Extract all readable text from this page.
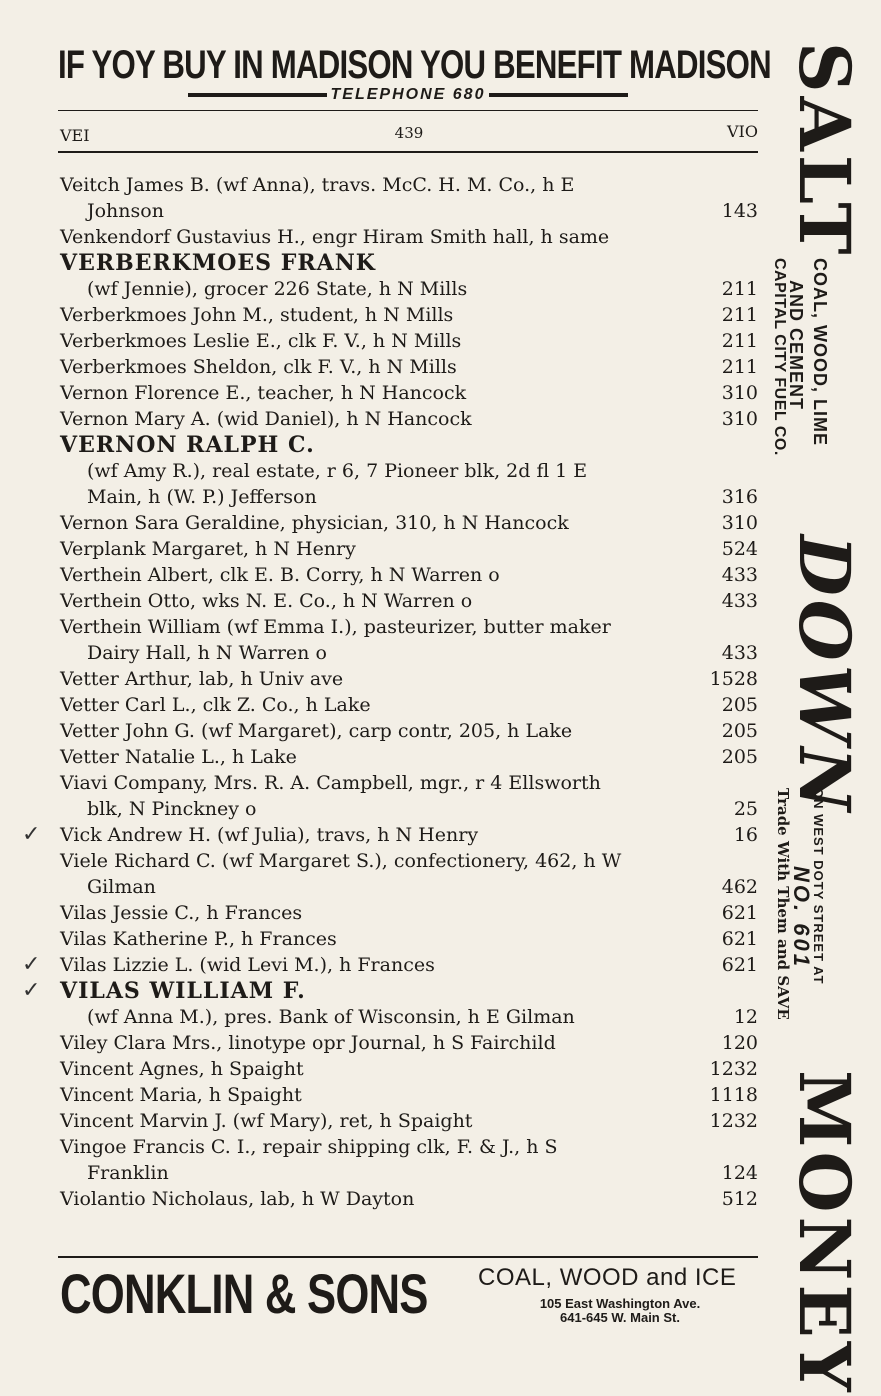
IF YOY BUY IN MADISON YOU BENEFIT MADISON
TELEPHONE 680
VEI	439	VIO
Veitch James B. (wf Anna), travs. McC. H. M. Co., h E
Johnson	143
Venkendorf Gustavius H., engr Hiram Smith hall, h same
VERBERKMOES FRANK
(wf Jennie), grocer 226 State, h N Mills	211
Verberkmoes John M., student, h N Mills	211
Verberkmoes Leslie E., clk F. V., h N Mills	211
Verberkmoes Sheldon, clk F. V., h N Mills	211
Vernon Florence E., teacher, h N Hancock	310
Vernon Mary A. (wid Daniel), h N Hancock	310
VERNON RALPH C.
(wf Amy R.), real estate, r 6, 7 Pioneer blk, 2d fl 1 E
Main, h (W. P.) Jefferson	316
Vernon Sara Geraldine, physician, 310, h N Hancock	310
Verplank Margaret, h N Henry	524
Verthein Albert, clk E. B. Corry, h N Warren o	433
Verthein Otto, wks N. E. Co., h N Warren o	433
Verthein William (wf Emma I.), pasteurizer, butter maker
Dairy Hall, h N Warren o	433
Vetter Arthur, lab, h Univ ave	1528
Vetter Carl L., clk Z. Co., h Lake	205
Vetter John G. (wf Margaret), carp contr, 205, h Lake	205
Vetter Natalie L., h Lake	205
Viavi Company, Mrs. R. A. Campbell, mgr., r 4 Ellsworth
blk, N Pinckney o	25
✓ Vick Andrew H. (wf Julia), travs, h N Henry	16
Viele Richard C. (wf Margaret S.), confectionery, 462, h W
Gilman	462
Vilas Jessie C., h Frances	621
Vilas Katherine P., h Frances	621
✓ Vilas Lizzie L. (wid Levi M.), h Frances	621
✓ VILAS WILLIAM F.
(wf Anna M.), pres. Bank of Wisconsin, h E Gilman	12
Viley Clara Mrs., linotype opr Journal, h S Fairchild	120
Vincent Agnes, h Spaight	1232
Vincent Maria, h Spaight	1118
Vincent Marvin J. (wf Mary), ret, h Spaight	1232
Vingoe Francis C. I., repair shipping clk, F. & J., h S
Franklin	124
Violantio Nicholaus, lab, h W Dayton	512
SALT
COAL, WOOD, LIME
AND CEMENT
CAPITAL CITY FUEL CO.
DOWN
ON WEST DOTY STREET AT
NO. 601
Trade With Them and SAVE
MONEY
CONKLIN & SONS COAL, WOOD and ICE
105 East Washington Ave.
641-645 W. Main St.
